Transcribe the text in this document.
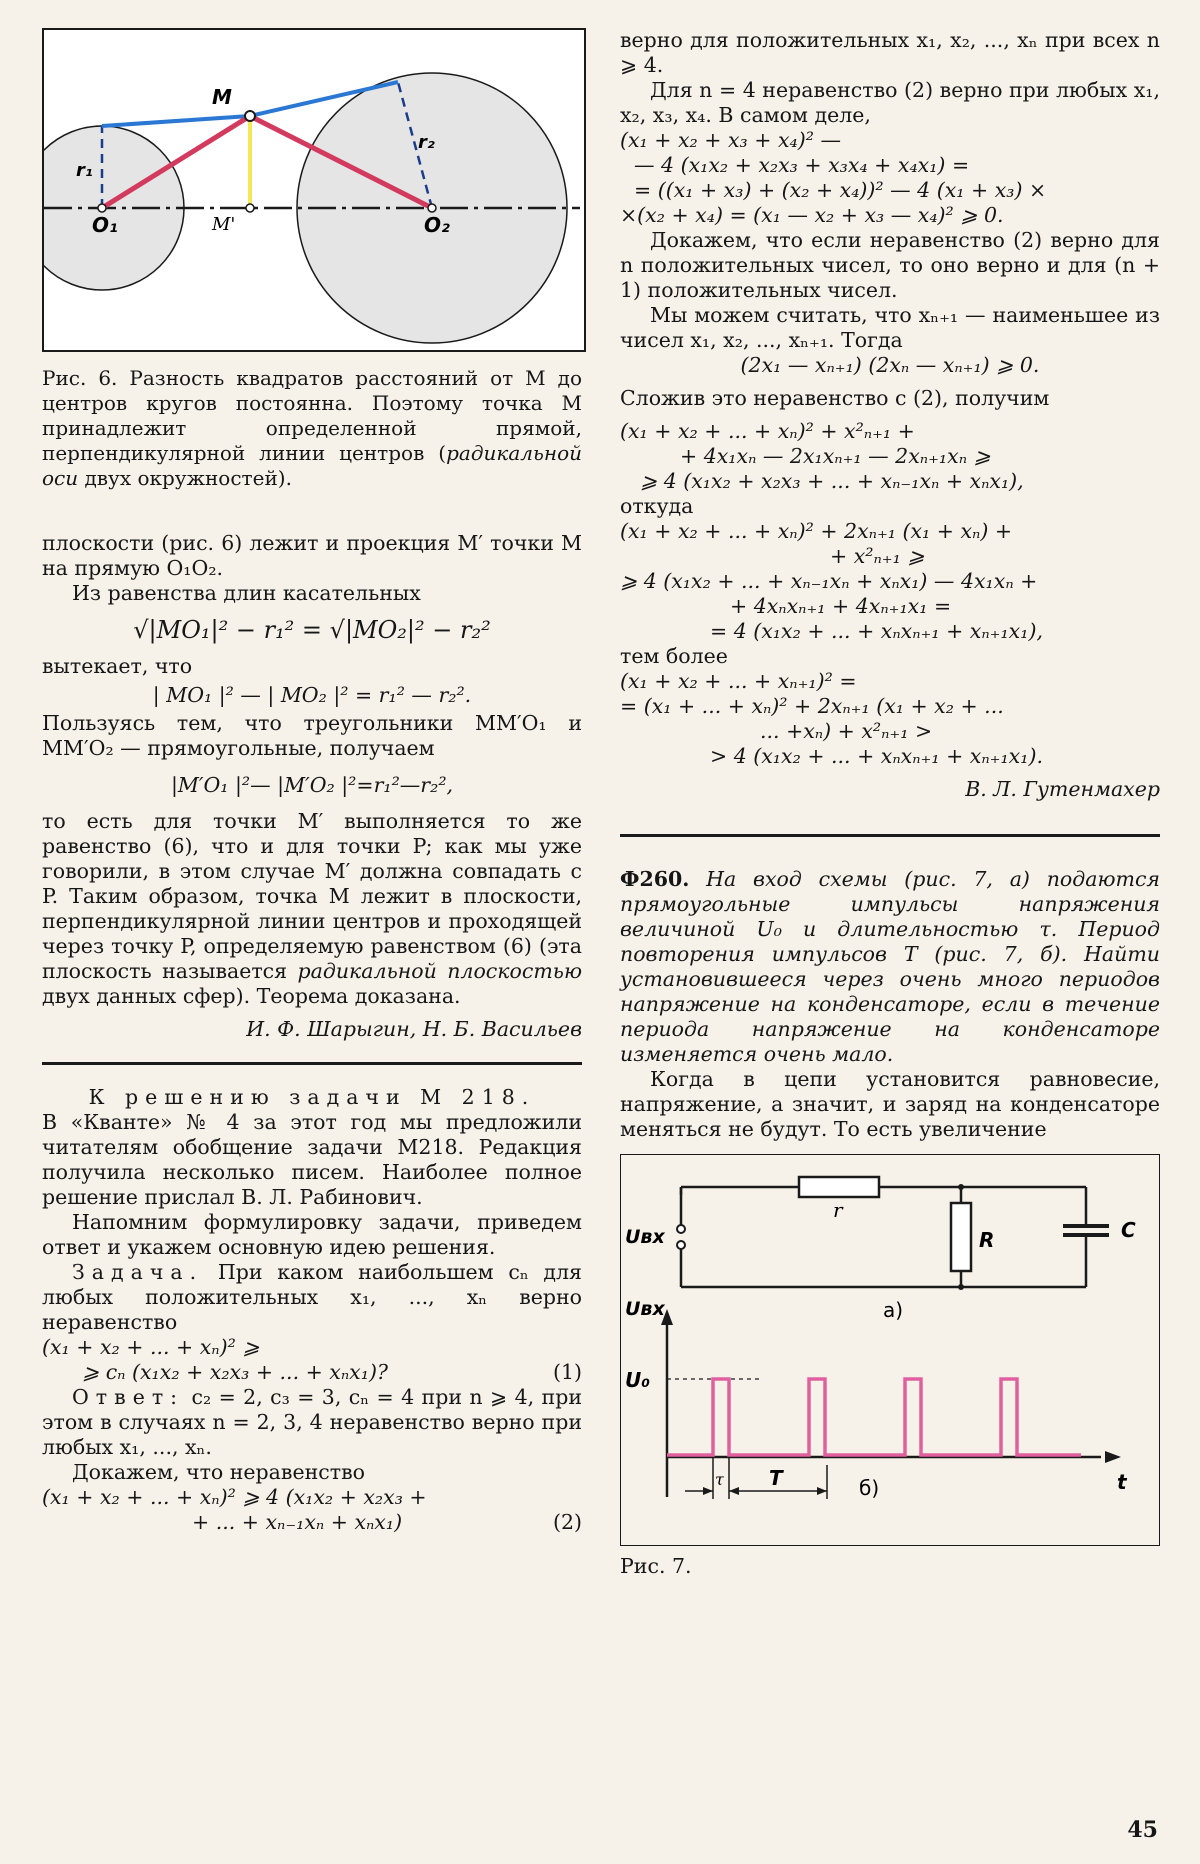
M
M'
O₁	O₂
r₁
r₂

Рис. 6. Разность квадратов расстояний от M до центров кругов постоянна. Поэтому точка M принадлежит определенной прямой, перпендикулярной линии центров (радикальной оси двух окружностей).

плоскости (рис. 6) лежит и проекция M′ точки M на прямую O₁O₂.

Из равенства длин касательных

√|MO₁|² − r₁² = √|MO₂|² − r₂²

вытекает, что

| MO₁ |² — | MO₂ |² = r₁² — r₂².

Пользуясь тем, что треугольники MM′O₁ и MM′O₂ — прямоугольные, получаем

|M′O₁ |²— |M′O₂ |²=r₁²—r₂²,

то есть для точки M′ выполняется то же равенство (6), что и для точки P; как мы уже говорили, в этом случае M′ должна совпадать с P. Таким образом, точка M лежит в плоскости, перпендикулярной линии центров и проходящей через точку P, определяемую равенством (6) (эта плоскость называется радикальной плоскостью двух данных сфер). Теорема доказана.

И. Ф. Шарыгин, Н. Б. Васильев

К решению задачи М 218.

В «Кванте» № 4 за этот год мы предложили читателям обобщение задачи М218. Редакция получила несколько писем. Наиболее полное решение прислал В. Л. Рабинович.

Напомним формулировку задачи, приведем ответ и укажем основную идею решения.

Задача. При каком наибольшем cₙ для любых положительных x₁, ..., xₙ верно неравенство

(x₁ + x₂ + ... + xₙ)² ⩾

⩾ cₙ (x₁x₂ + x₂x₃ + ... + xₙx₁)?	(1)

Ответ: c₂ = 2, c₃ = 3, cₙ = 4 при n ⩾ 4, при этом в случаях n = 2, 3, 4 неравенство верно при любых x₁, ..., xₙ.

Докажем, что неравенство

(x₁ + x₂ + ... + xₙ)² ⩾ 4 (x₁x₂ + x₂x₃ +

+ ... + xₙ₋₁xₙ + xₙx₁)	(2)

верно для положительных x₁, x₂, ..., xₙ при всех n ⩾ 4.

Для n = 4 неравенство (2) верно при любых x₁, x₂, x₃, x₄. В самом деле,

(x₁ + x₂ + x₃ + x₄)² —

— 4 (x₁x₂ + x₂x₃ + x₃x₄ + x₄x₁) =

= ((x₁ + x₃) + (x₂ + x₄))² — 4 (x₁ + x₃) ×

×(x₂ + x₄) = (x₁ — x₂ + x₃ — x₄)² ⩾ 0.

Докажем, что если неравенство (2) верно для n положительных чисел, то оно верно и для (n + 1) положительных чисел.

Мы можем считать, что xₙ₊₁ — наименьшее из чисел x₁, x₂, ..., xₙ₊₁. Тогда

(2x₁ — xₙ₊₁) (2xₙ — xₙ₊₁) ⩾ 0.

Сложив это неравенство с (2), получим

(x₁ + x₂ + ... + xₙ)² + x²ₙ₊₁ +

+ 4x₁xₙ — 2x₁xₙ₊₁ — 2xₙ₊₁xₙ ⩾

⩾ 4 (x₁x₂ + x₂x₃ + ... + xₙ₋₁xₙ + xₙx₁),

откуда

(x₁ + x₂ + ... + xₙ)² + 2xₙ₊₁ (x₁ + xₙ) +

+ x²ₙ₊₁ ⩾

⩾ 4 (x₁x₂ + ... + xₙ₋₁xₙ + xₙx₁) — 4x₁xₙ +

+ 4xₙxₙ₊₁ + 4xₙ₊₁x₁ =

= 4 (x₁x₂ + ... + xₙxₙ₊₁ + xₙ₊₁x₁),

тем более

(x₁ + x₂ + ... + xₙ₊₁)² =

= (x₁ + ... + xₙ)² + 2xₙ₊₁ (x₁ + x₂ + ...

... +xₙ) + x²ₙ₊₁ >

> 4 (x₁x₂ + ... + xₙxₙ₊₁ + xₙ₊₁x₁).

В. Л. Гутенмахер

Ф260. На вход схемы (рис. 7, а) подаются прямоугольные импульсы напряжения величиной U₀ и длительностью τ. Период повторения импульсов T (рис. 7, б). Найти установившееся через очень много периодов напряжение на конденсаторе, если в течение периода напряжение на конденсаторе изменяется очень мало.

Когда в цепи установится равновесие, напряжение, а значит, и заряд на конденсаторе меняться не будут. То есть увеличение

r
R	C
Uвх
а)
Uвх
U₀
τ T	б)	t

Рис. 7.

45
